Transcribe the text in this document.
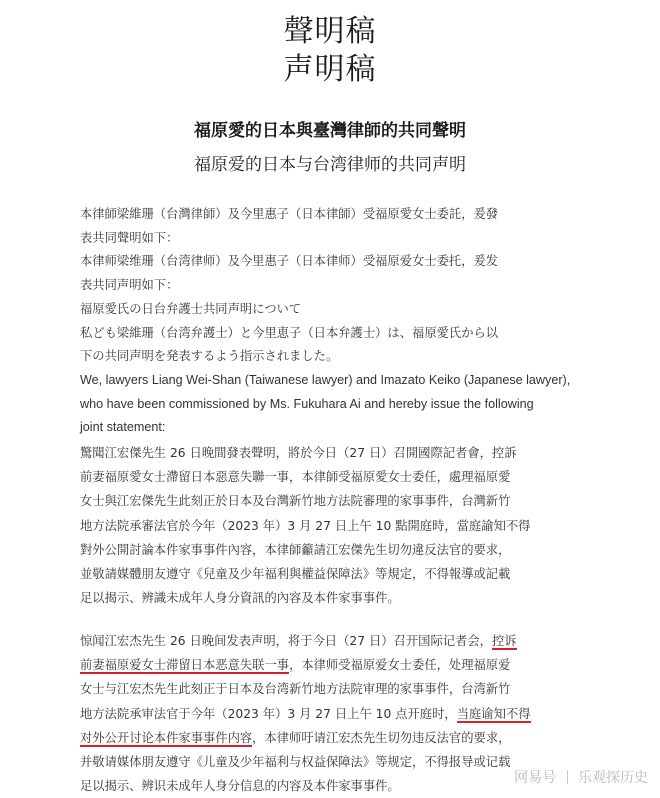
聲明稿
声明稿
福原愛的日本與臺灣律師的共同聲明
福原爱的日本与台湾律师的共同声明
本律師梁維珊（台灣律師）及今里惠子（日本律師）受福原愛女士委託，爰發
表共同聲明如下：
本律师梁维珊（台湾律师）及今里惠子（日本律师）受福原爱女士委托，爰发
表共同声明如下：
福原愛氏の日台弁護士共同声明について
私ども梁維珊（台湾弁護士）と今里恵子（日本弁護士）は、福原愛氏から以
下の共同声明を発表するよう指示されました。
We, lawyers Liang Wei-Shan (Taiwanese lawyer) and Imazato Keiko (Japanese lawyer),
who have been commissioned by Ms. Fukuhara Ai and hereby issue the following
joint statement:
驚聞江宏傑先生 26 日晚間發表聲明，將於今日（27 日）召開國際記者會，控訴
前妻福原愛女士滯留日本惡意失聯一事，本律師受福原愛女士委任，處理福原愛
女士與江宏傑先生此刻正於日本及台灣新竹地方法院審理的家事事件，台灣新竹
地方法院承審法官於今年（2023 年）3 月 27 日上午 10 點開庭時，當庭諭知不得
對外公開討論本件家事事件內容，本律師籲請江宏傑先生切勿違反法官的要求，
並敬請媒體朋友遵守《兒童及少年福利與權益保障法》等規定，不得報導或記載
足以揭示、辨識未成年人身分資訊的內容及本件家事事件。
惊闻江宏杰先生 26 日晚间发表声明，将于今日（27 日）召开国际记者会，控诉
前妻福原爱女士滞留日本恶意失联一事，本律师受福原爱女士委任，处理福原爱
女士与江宏杰先生此刻正于日本及台湾新竹地方法院审理的家事事件，台湾新竹
地方法院承审法官于今年（2023 年）3 月 27 日上午 10 点开庭时，当庭谕知不得
对外公开讨论本件家事事件内容，本律师吁请江宏杰先生切勿违反法官的要求，
并敬请媒体朋友遵守《儿童及少年福利与权益保障法》等规定，不得报导或记载
足以揭示、辨识未成年人身分信息的内容及本件家事事件。
网易号 乐观探历史
